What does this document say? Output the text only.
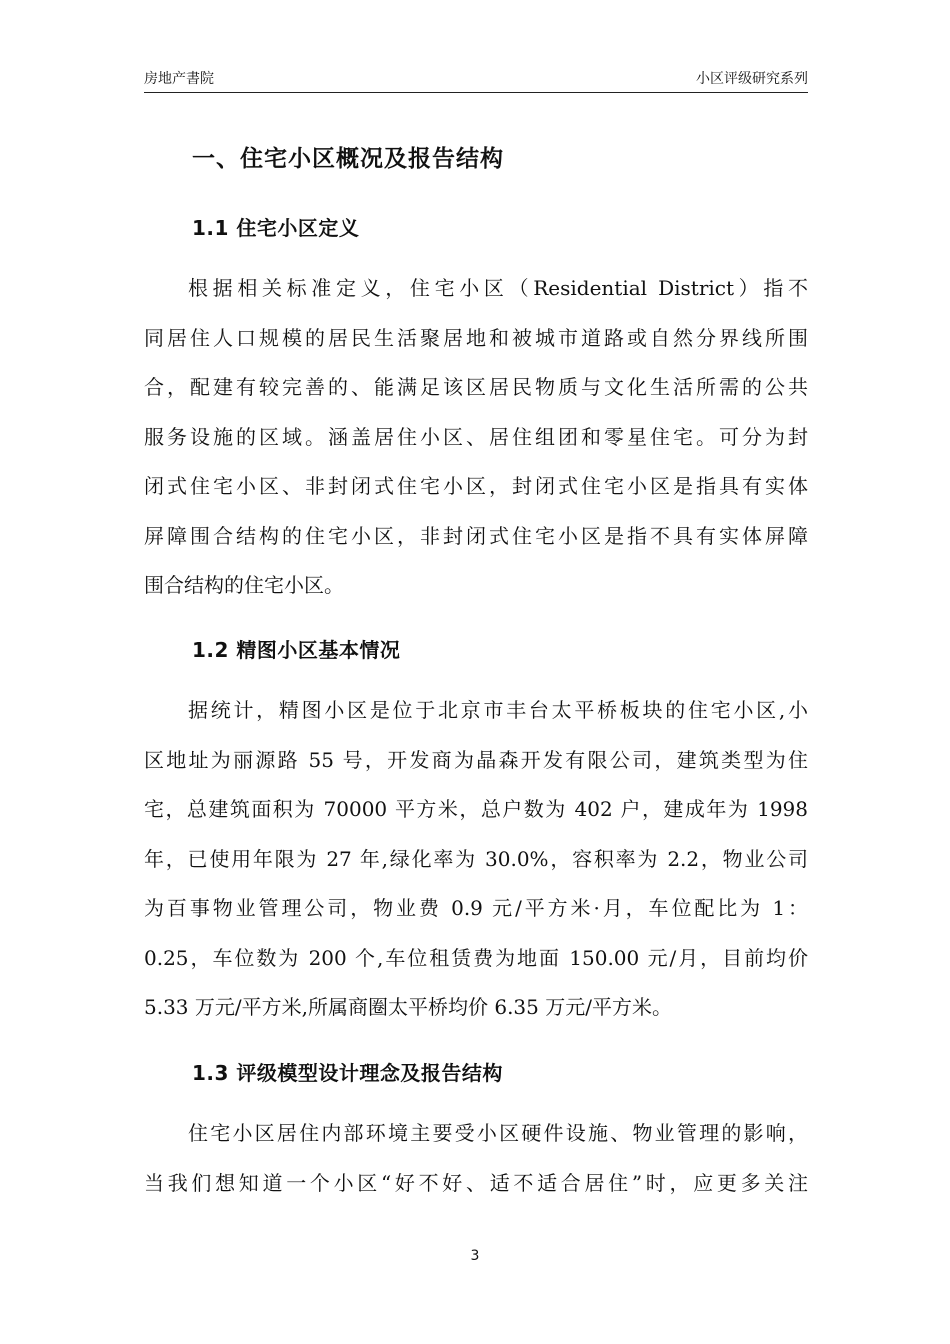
房地产書院	小区评级研究系列
一、住宅小区概况及报告结构
1.1 住宅小区定义
根据相关标准定义，住宅小区（Residential District）指不
同居住人口规模的居民生活聚居地和被城市道路或自然分界线所围
合，配建有较完善的、能满足该区居民物质与文化生活所需的公共
服务设施的区域。涵盖居住小区、居住组团和零星住宅。可分为封
闭式住宅小区、非封闭式住宅小区，封闭式住宅小区是指具有实体
屏障围合结构的住宅小区，非封闭式住宅小区是指不具有实体屏障
围合结构的住宅小区。
1.2 精图小区基本情况
据统计，精图小区是位于北京市丰台太平桥板块的住宅小区,小
区地址为丽源路 55 号，开发商为晶森开发有限公司，建筑类型为住
宅，总建筑面积为 70000 平方米，总户数为 402 户，建成年为 1998
年，已使用年限为 27 年,绿化率为 30.0%，容积率为 2.2，物业公司
为百事物业管理公司，物业费 0.9 元/平方米·月，车位配比为 1：
0.25，车位数为 200 个,车位租赁费为地面 150.00 元/月，目前均价
5.33 万元/平方米,所属商圈太平桥均价 6.35 万元/平方米。
1.3 评级模型设计理念及报告结构
住宅小区居住内部环境主要受小区硬件设施、物业管理的影响，
当我们想知道一个小区“好不好、适不适合居住”时，应更多关注
3
